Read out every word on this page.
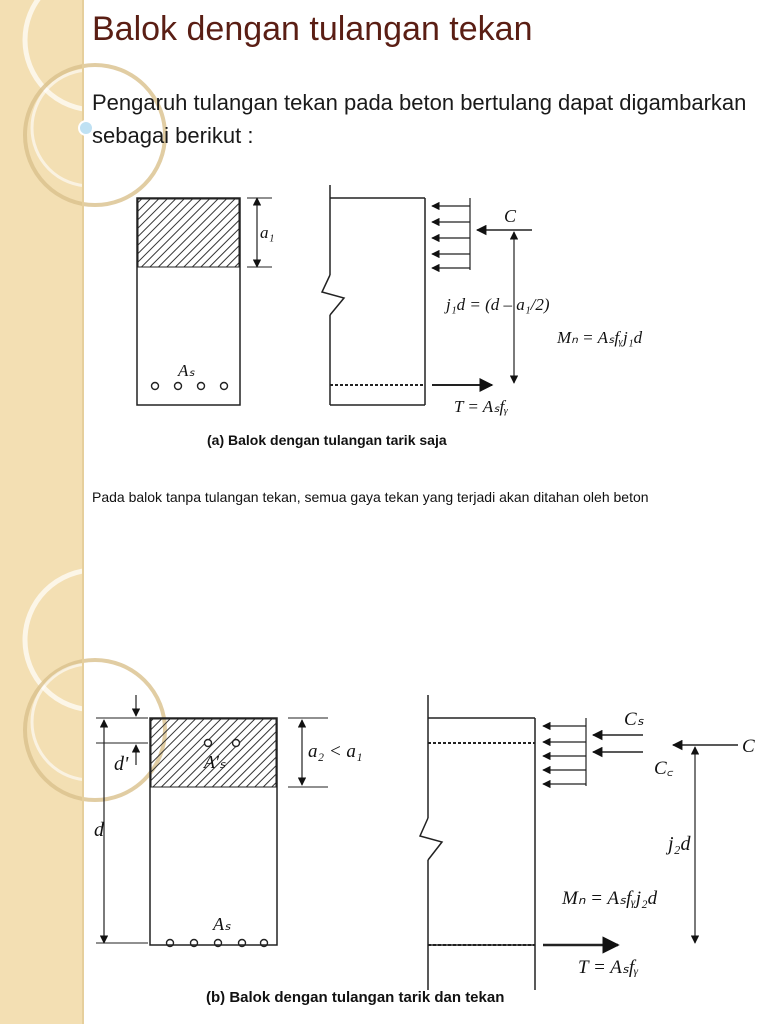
Balok dengan tulangan tekan

Pengaruh tulangan tekan pada beton bertulang dapat digambarkan sebagai berikut :

Aₛ
a₁
C
j₁d = (d – a₁/2)
Mₙ = Aₛfᵧj₁d
T = Aₛfᵧ
(a) Balok dengan tulangan tarik saja

Pada balok tanpa tulangan tekan, semua gaya tekan yang terjadi akan ditahan oleh beton

A'ₛ
Aₛ
d'
d
a₂ < a₁
Cₛ
C꜀
C
j₂d
Mₙ = Aₛfᵧj₂d
T = Aₛfᵧ
(b) Balok dengan tulangan tarik dan tekan
